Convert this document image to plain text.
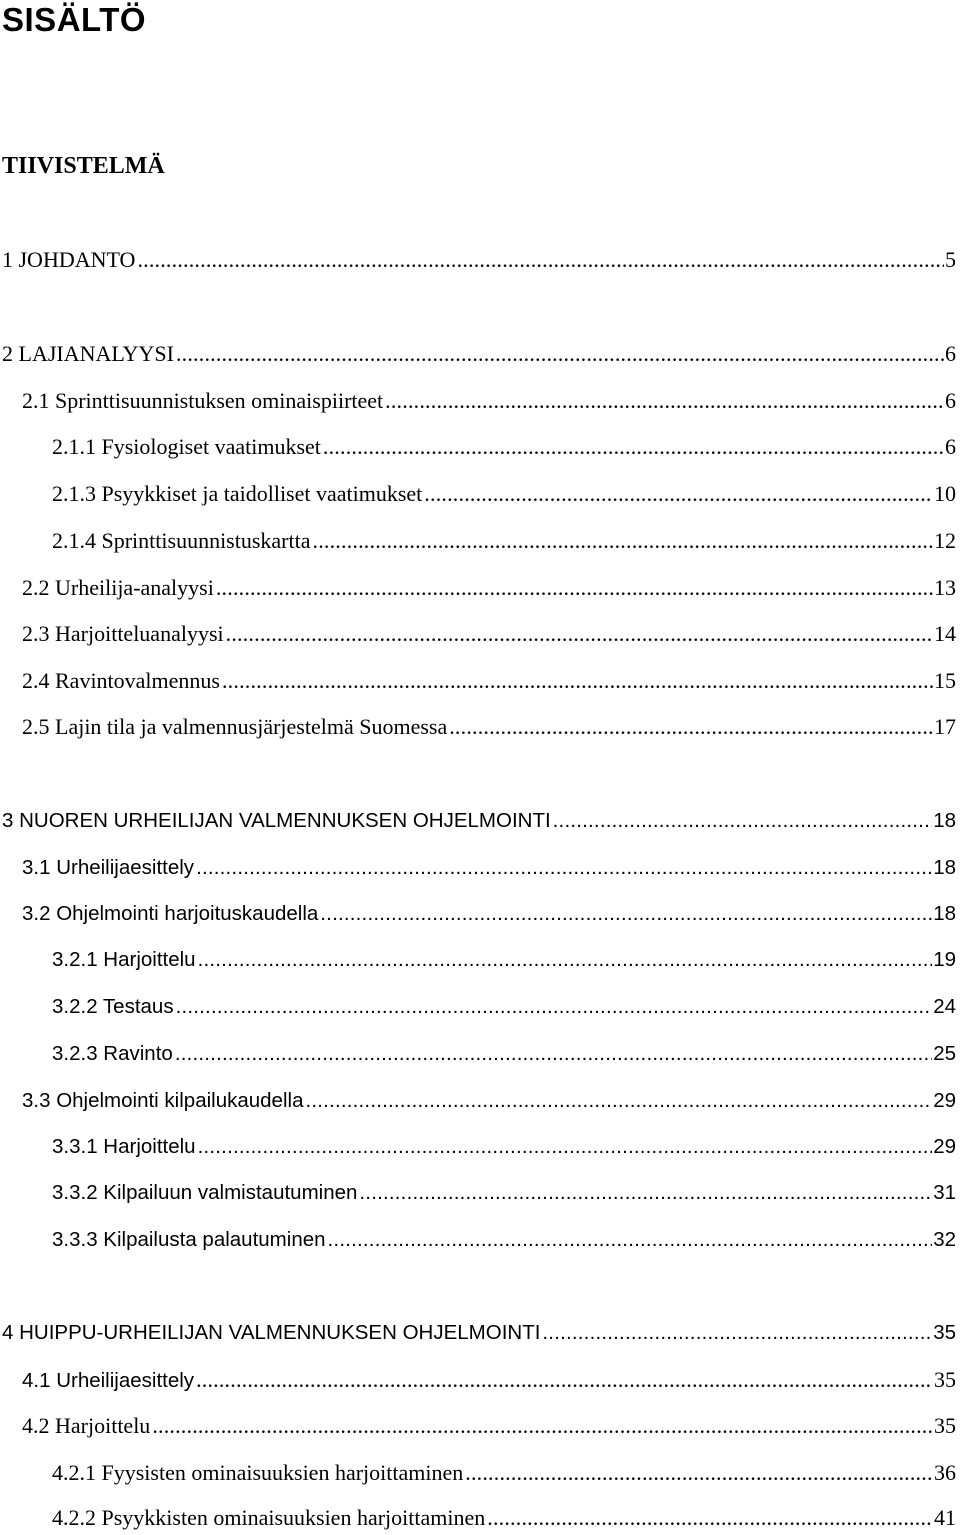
SISÄLTÖ
TIIVISTELMÄ
1 JOHDANTO .....	5
2 LAJIANALYYSI .....	6
2.1 Sprinttisuunnistuksen ominaispiirteet .....	6
2.1.1 Fysiologiset vaatimukset .....	6
2.1.3 Psyykkiset ja taidolliset vaatimukset .....	10
2.1.4 Sprinttisuunnistuskartta .....	12
2.2 Urheilija-analyysi .....	13
2.3 Harjoitteluanalyysi .....	14
2.4 Ravintovalmennus .....	15
2.5 Lajin tila ja valmennusjärjestelmä Suomessa .....	17
3 NUOREN URHEILIJAN VALMENNUKSEN OHJELMOINTI .....	18
3.1 Urheilijaesittely .....	18
3.2 Ohjelmointi harjoituskaudella .....	18
3.2.1 Harjoittelu .....	19
3.2.2 Testaus .....	24
3.2.3 Ravinto .....	25
3.3 Ohjelmointi kilpailukaudella .....	29
3.3.1 Harjoittelu .....	29
3.3.2 Kilpailuun valmistautuminen .....	31
3.3.3 Kilpailusta palautuminen .....	32
4 HUIPPU-URHEILIJAN VALMENNUKSEN OHJELMOINTI .....	35
4.1 Urheilijaesittely .....	35
4.2 Harjoittelu .....	35
4.2.1 Fyysisten ominaisuuksien harjoittaminen .....	36
4.2.2 Psyykkisten ominaisuuksien harjoittaminen .....	41
